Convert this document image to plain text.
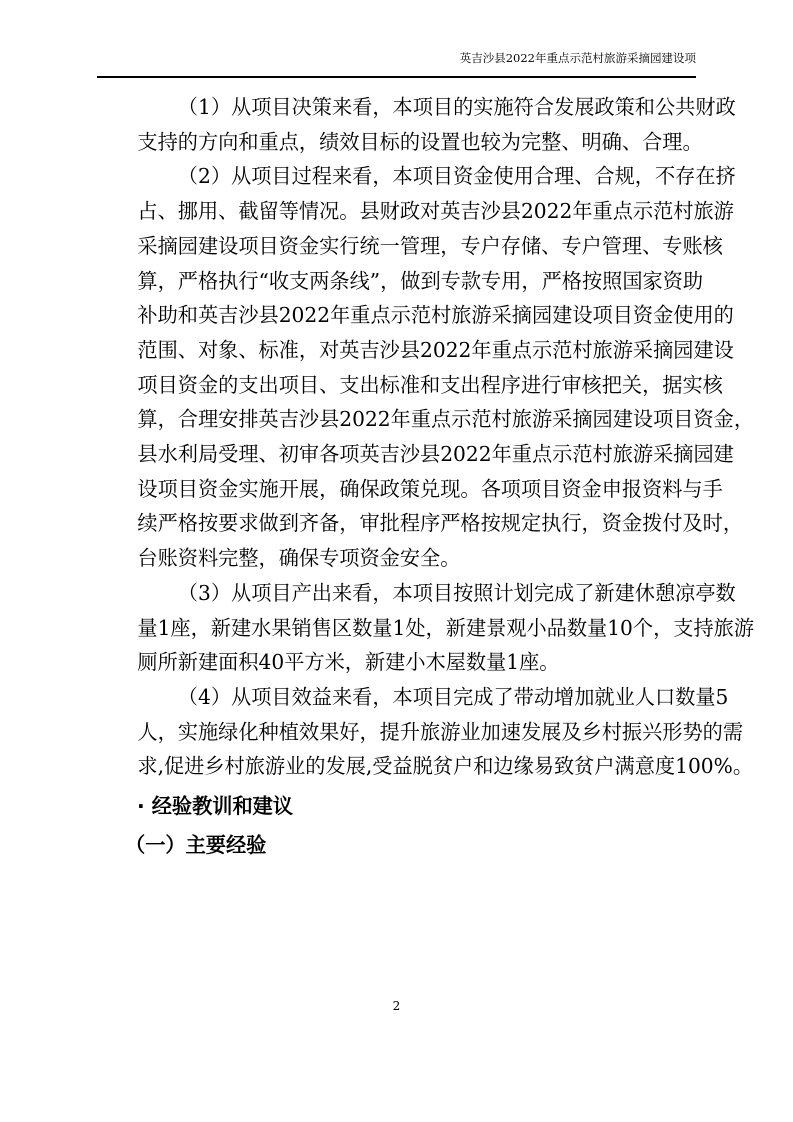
英吉沙县2022年重点示范村旅游采摘园建设项

（1）从项目决策来看，本项目的实施符合发展政策和公共财政
支持的方向和重点，绩效目标的设置也较为完整、明确、合理。

（2）从项目过程来看，本项目资金使用合理、合规，不存在挤
占、挪用、截留等情况。县财政对英吉沙县2022年重点示范村旅游
采摘园建设项目资金实行统一管理，专户存储、专户管理、专账核
算，严格执行“收支两条线”，做到专款专用，严格按照国家资助
补助和英吉沙县2022年重点示范村旅游采摘园建设项目资金使用的
范围、对象、标准，对英吉沙县2022年重点示范村旅游采摘园建设
项目资金的支出项目、支出标准和支出程序进行审核把关，据实核
算，合理安排英吉沙县2022年重点示范村旅游采摘园建设项目资金，
县水利局受理、初审各项英吉沙县2022年重点示范村旅游采摘园建
设项目资金实施开展，确保政策兑现。各项项目资金申报资料与手
续严格按要求做到齐备，审批程序严格按规定执行，资金拨付及时，
台账资料完整，确保专项资金安全。

（3）从项目产出来看，本项目按照计划完成了新建休憩凉亭数
量1座，新建水果销售区数量1处，新建景观小品数量10个，支持旅游
厕所新建面积40平方米，新建小木屋数量1座。

（4）从项目效益来看，本项目完成了带动增加就业人口数量5
人，实施绿化种植效果好，提升旅游业加速发展及乡村振兴形势的需
求,促进乡村旅游业的发展,受益脱贫户和边缘易致贫户满意度100%。

· 经验教训和建议
（一）主要经验
2
